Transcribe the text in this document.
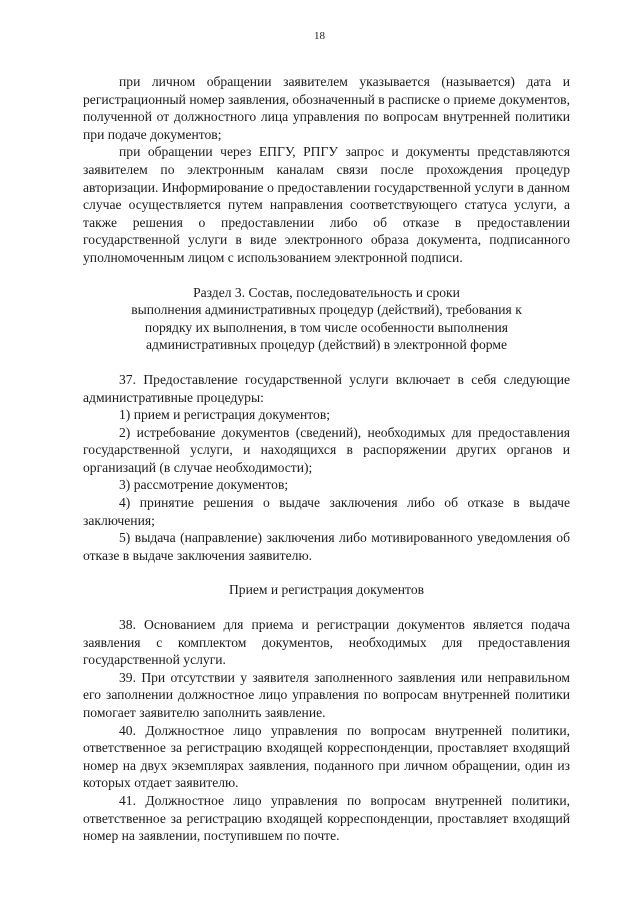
18

при личном обращении заявителем указывается (называется) дата и регистрационный номер заявления, обозначенный в расписке о приеме документов, полученной от должностного лица управления по вопросам внутренней политики при подаче документов;

при обращении через ЕПГУ, РПГУ запрос и документы представляются заявителем по электронным каналам связи после прохождения процедур авторизации. Информирование о предоставлении государственной услуги в данном случае осуществляется путем направления соответствующего статуса услуги, а также решения о предоставлении либо об отказе в предоставлении государственной услуги в виде электронного образа документа, подписанного уполномоченным лицом с использованием электронной подписи.

Раздел 3. Состав, последовательность и сроки

выполнения административных процедур (действий), требования к

порядку их выполнения, в том числе особенности выполнения

административных процедур (действий) в электронной форме

37. Предоставление государственной услуги включает в себя следующие административные процедуры:

1) прием и регистрация документов;

2) истребование документов (сведений), необходимых для предоставления государственной услуги, и находящихся в распоряжении других органов и организаций (в случае необходимости);

3) рассмотрение документов;

4) принятие решения о выдаче заключения либо об отказе в выдаче заключения;

5) выдача (направление) заключения либо мотивированного уведомления об отказе в выдаче заключения заявителю.

Прием и регистрация документов

38. Основанием для приема и регистрации документов является подача заявления с комплектом документов, необходимых для предоставления государственной услуги.

39. При отсутствии у заявителя заполненного заявления или неправильном его заполнении должностное лицо управления по вопросам внутренней политики помогает заявителю заполнить заявление.

40. Должностное лицо управления по вопросам внутренней политики, ответственное за регистрацию входящей корреспонденции, проставляет входящий номер на двух экземплярах заявления, поданного при личном обращении, один из которых отдает заявителю.

41. Должностное лицо управления по вопросам внутренней политики, ответственное за регистрацию входящей корреспонденции, проставляет входящий номер на заявлении, поступившем по почте.
